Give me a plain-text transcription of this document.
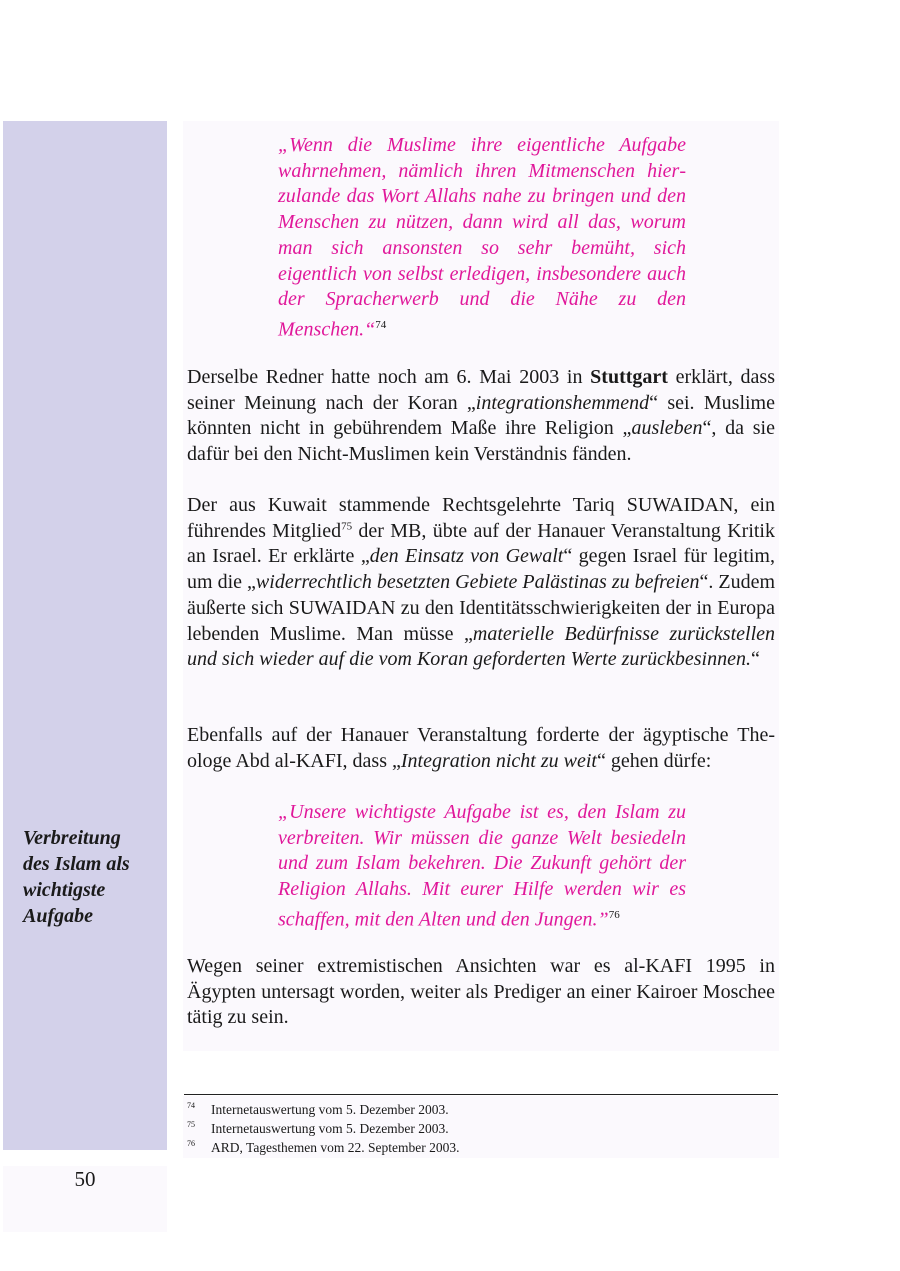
Verbreitung
des Islam als
wichtigste
Aufgabe
„Wenn die Muslime ihre eigentliche Aufgabe wahrnehmen, nämlich ihren Mitmenschen hierzulande das Wort Allahs nahe zu bringen und den Menschen zu nützen, dann wird all das, worum man sich ansonsten so sehr bemüht, sich eigentlich von selbst erledigen, insbesondere auch der Spracherwerb und die Nähe zu den Menschen.“$^{74}$
Derselbe Redner hatte noch am 6. Mai 2003 in Stuttgart erklärt, dass seiner Meinung nach der Koran „integrationshemmend“ sei. Muslime könnten nicht in gebührendem Maße ihre Religion „ausleben“, da sie dafür bei den Nicht-Muslimen kein Verständnis fänden.
Der aus Kuwait stammende Rechtsgelehrte Tariq SUWAIDAN, ein führendes Mitglied$^{75}$ der MB, übte auf der Hanauer Veranstaltung Kritik an Israel. Er erklärte „den Einsatz von Gewalt“ gegen Israel für legitim, um die „widerrechtlich besetzten Gebiete Palästinas zu befreien“. Zudem äußerte sich SUWAIDAN zu den Identitätsschwierigkeiten der in Europa lebenden Muslime. Man müsse „materielle Bedürfnisse zurückstellen und sich wieder auf die vom Koran geforderten Werte zurückbesinnen.“
Ebenfalls auf der Hanauer Veranstaltung forderte der ägyptische Theologe Abd al-KAFI, dass „Integration nicht zu weit“ gehen dürfe:
„Unsere wichtigste Aufgabe ist es, den Islam zu verbreiten. Wir müssen die ganze Welt besiedeln und zum Islam bekehren. Die Zukunft gehört der Religion Allahs. Mit eurer Hilfe werden wir es schaffen, mit den Alten und den Jungen.”$^{76}$
Wegen seiner extremistischen Ansichten war es al-KAFI 1995 in Ägypten untersagt worden, weiter als Prediger an einer Kairoer Moschee tätig zu sein.
74 Internetauswertung vom 5. Dezember 2003.
75 Internetauswertung vom 5. Dezember 2003.
76 ARD, Tagesthemen vom 22. September 2003.
50
